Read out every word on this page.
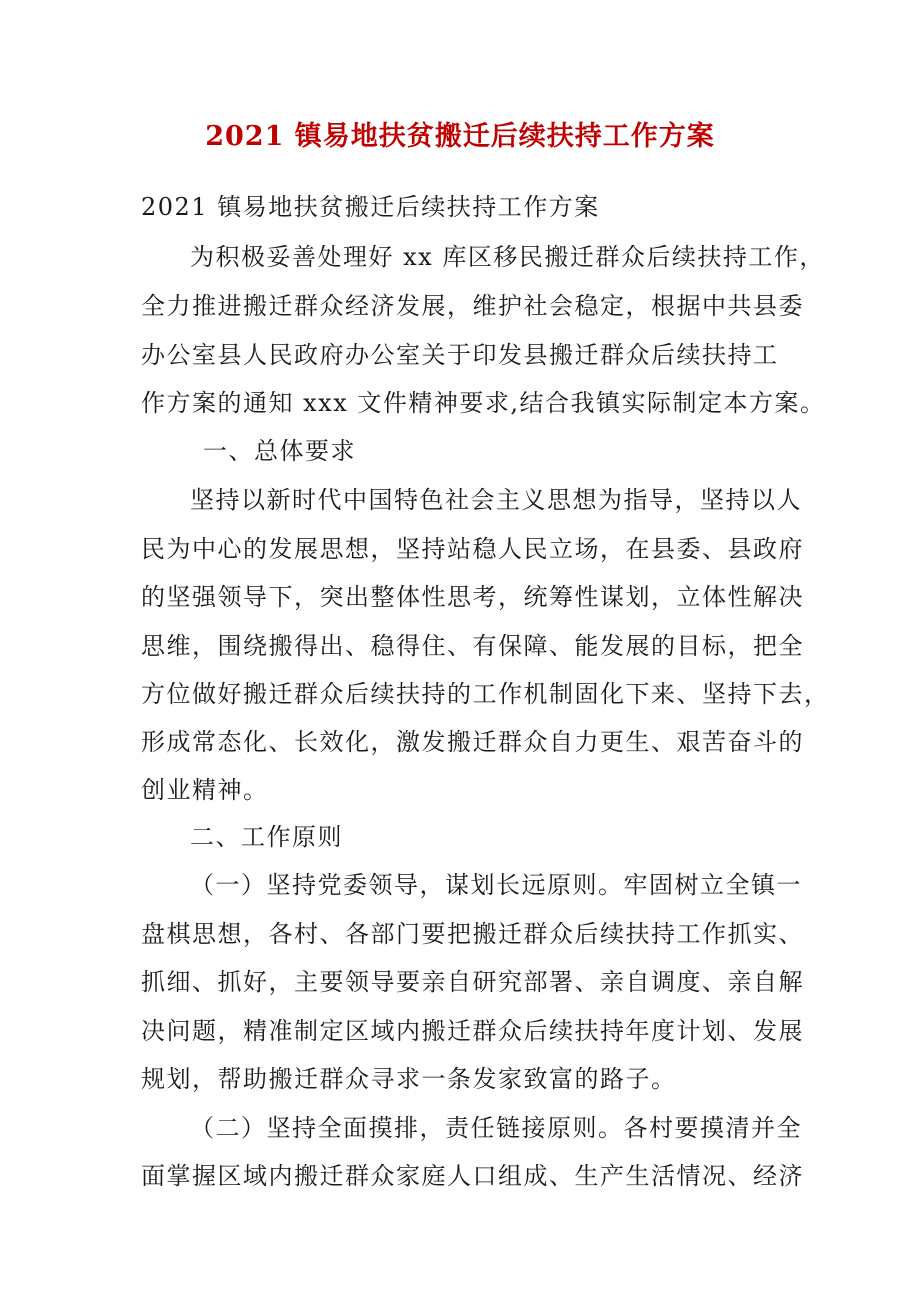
2021 镇易地扶贫搬迁后续扶持工作方案
2021 镇易地扶贫搬迁后续扶持工作方案
为积极妥善处理好 xx 库区移民搬迁群众后续扶持工作，
全力推进搬迁群众经济发展，维护社会稳定，根据中共县委
办公室县人民政府办公室关于印发县搬迁群众后续扶持工
作方案的通知 xxx 文件精神要求,结合我镇实际制定本方案。
一、总体要求
坚持以新时代中国特色社会主义思想为指导，坚持以人
民为中心的发展思想，坚持站稳人民立场，在县委、县政府
的坚强领导下，突出整体性思考，统筹性谋划，立体性解决
思维，围绕搬得出、稳得住、有保障、能发展的目标，把全
方位做好搬迁群众后续扶持的工作机制固化下来、坚持下去，
形成常态化、长效化，激发搬迁群众自力更生、艰苦奋斗的
创业精神。
二、工作原则
（一）坚持党委领导，谋划长远原则。牢固树立全镇一
盘棋思想，各村、各部门要把搬迁群众后续扶持工作抓实、
抓细、抓好，主要领导要亲自研究部署、亲自调度、亲自解
决问题，精准制定区域内搬迁群众后续扶持年度计划、发展
规划，帮助搬迁群众寻求一条发家致富的路子。
（二）坚持全面摸排，责任链接原则。各村要摸清并全
面掌握区域内搬迁群众家庭人口组成、生产生活情况、经济
